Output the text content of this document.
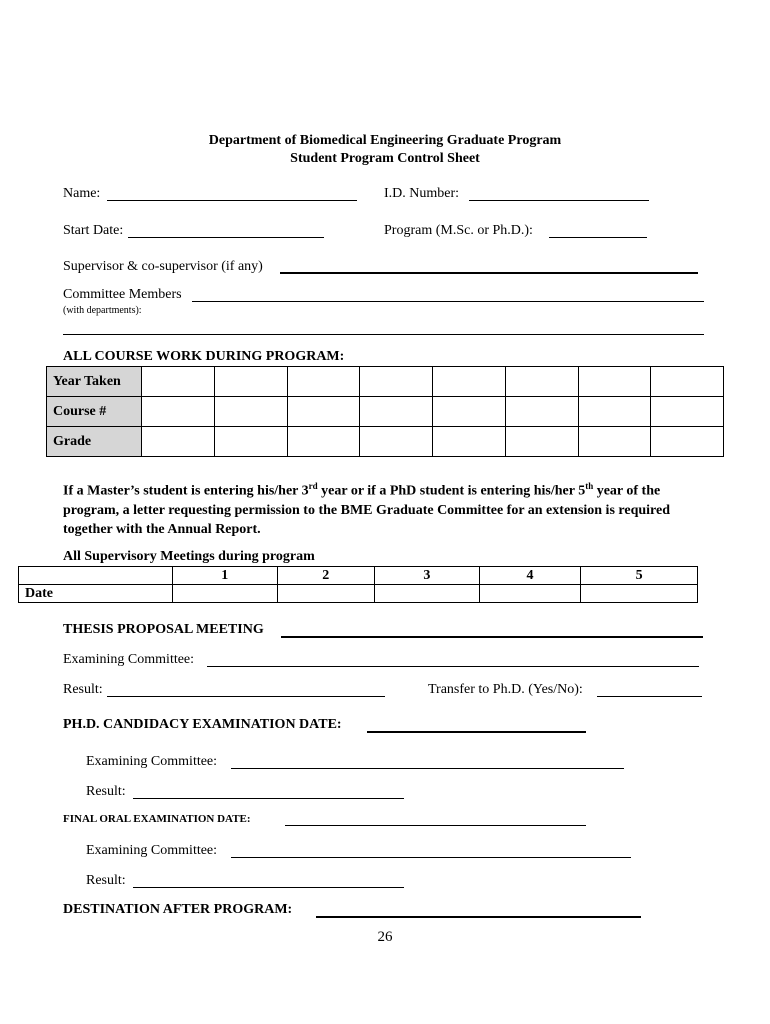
Department of Biomedical Engineering Graduate Program
Student Program Control Sheet
Name:	I.D. Number:
Start Date:	Program (M.Sc. or Ph.D.):
Supervisor & co-supervisor (if any)
Committee Members
(with departments):
ALL COURSE WORK DURING PROGRAM:
Year Taken								
Course #								
Grade								
If a Master’s student is entering his/her 3rd year or if a PhD student is entering his/her 5th year of the program, a letter requesting permission to the BME Graduate Committee for an extension is required together with the Annual Report.
All Supervisory Meetings during program
	1	2	3	4	5
Date					
THESIS PROPOSAL MEETING
Examining Committee:
Result:	Transfer to Ph.D. (Yes/No):
PH.D. CANDIDACY EXAMINATION DATE:
Examining Committee:
Result:
FINAL ORAL EXAMINATION DATE:
Examining Committee:
Result:
DESTINATION AFTER PROGRAM:
26
